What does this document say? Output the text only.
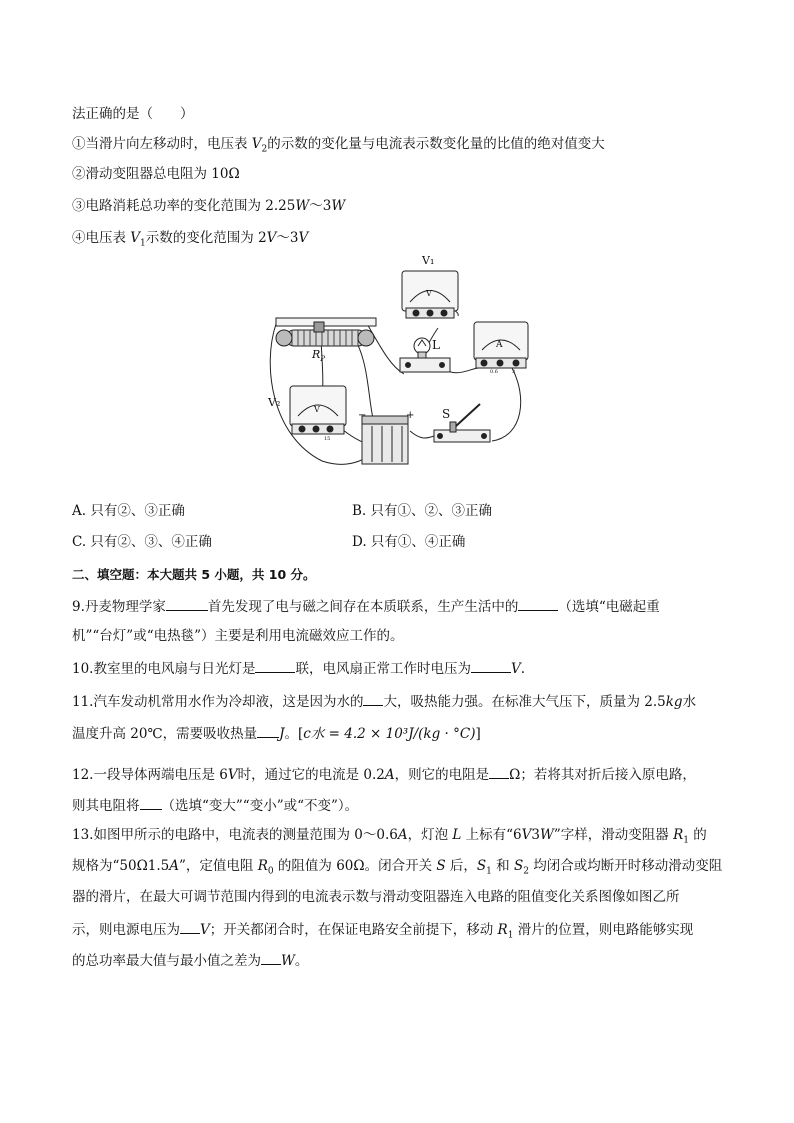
法正确的是（　　）
①当滑片向左移动时，电压表 $V_2$的示数的变化量与电流表示数变化量的比值的绝对值变大
②滑动变阻器总电阻为 10Ω
③电路消耗总功率的变化范围为 2.25W～3W
④电压表 $V_1$示数的变化范围为 2V～3V
$R_P$
V
V₁
L	A
0.6	3
V
15
V₂
−	+ S
A. 只有②、③正确	B. 只有①、②、③正确
C. 只有②、③、④正确	D. 只有①、④正确
二、填空题：本大题共 5 小题，共 10 分。
9.丹麦物理学家	首先发现了电与磁之间存在本质联系，生产生活中的	（选填“电磁起重
机”“台灯”或“电热毯”）主要是利用电流磁效应工作的。
10.教室里的电风扇与日光灯是	联，电风扇正常工作时电压为	V.
11.汽车发动机常用水作为冷却液，这是因为水的 大，吸热能力强。在标准大气压下，质量为 2.5kg水
温度升高 20℃，需要吸收热量 J。[c水 = 4.2 × 10³J/(kg · °C)]
12.一段导体两端电压是 6V时，通过它的电流是 0.2A，则它的电阻是 Ω；若将其对折后接入原电路，
则其电阻将 （选填“变大”“变小”或“不变”）。
13.如图甲所示的电路中，电流表的测量范围为 0～0.6A，灯泡 L 上标有“6V3W”字样，滑动变阻器 $R_1$ 的
规格为“50Ω1.5A”，定值电阻 $R_0$ 的阻值为 60Ω。闭合开关 S 后，$S_1$ 和 $S_2$ 均闭合或均断开时移动滑动变阻
器的滑片，在最大可调节范围内得到的电流表示数与滑动变阻器连入电路的阻值变化关系图像如图乙所
示，则电源电压为 V；开关都闭合时，在保证电路安全前提下，移动 $R_1$ 滑片的位置，则电路能够实现
的总功率最大值与最小值之差为 W。
